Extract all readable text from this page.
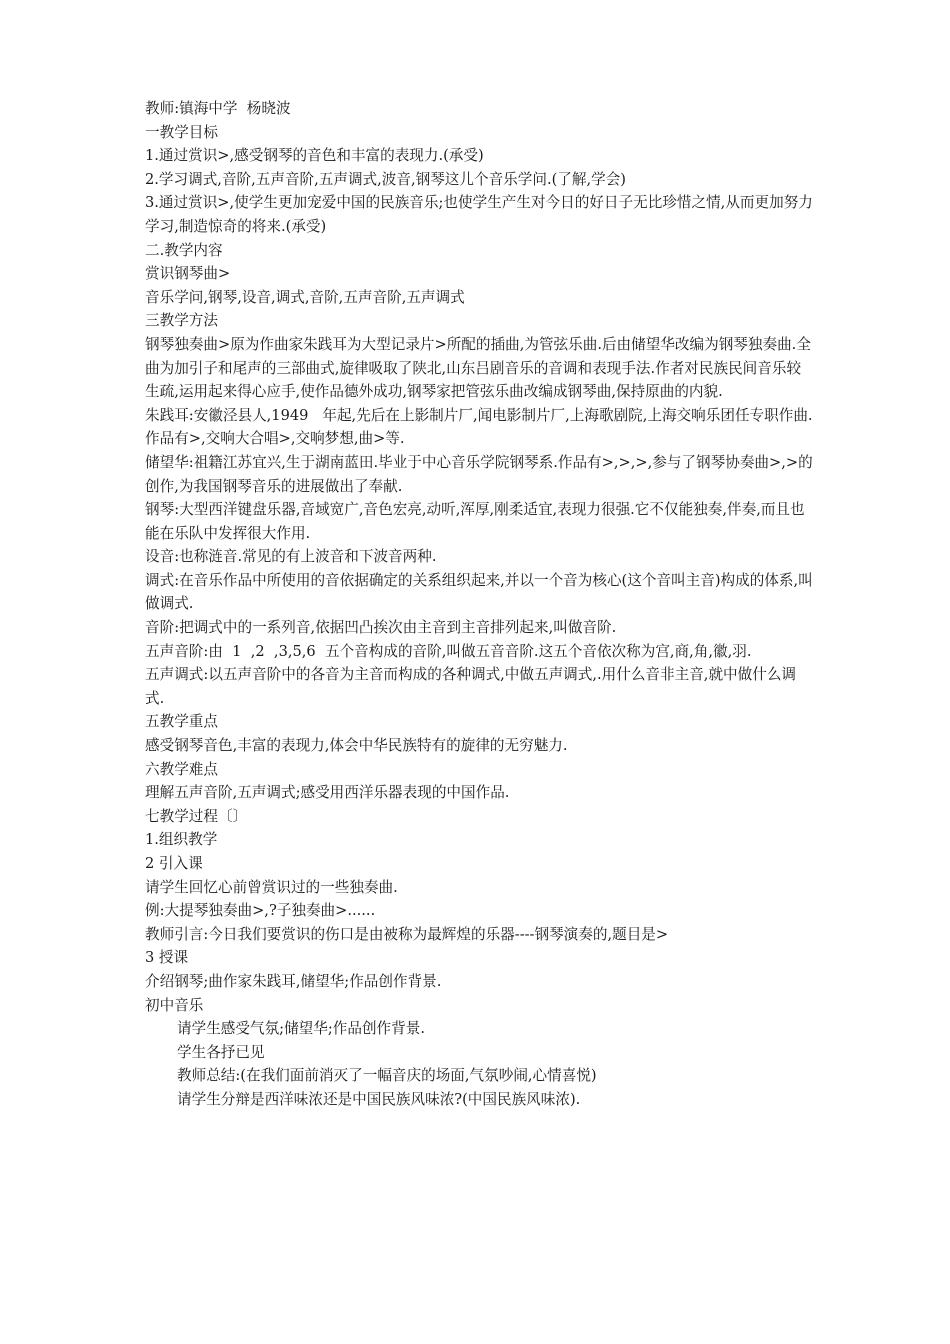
教师:镇海中学  杨晓波
一教学目标
1.通过赏识>,感受钢琴的音色和丰富的表现力.(承受)
2.学习调式,音阶,五声音阶,五声调式,波音,钢琴这儿个音乐学问.(了解,学会)
3.通过赏识>,使学生更加宠爱中国的民族音乐;也使学生产生对今日的好日子无比珍惜之情,从而更加努力学习,制造惊奇的将来.(承受)
二.教学内容
赏识钢琴曲>
音乐学问,钢琴,设音,调式,音阶,五声音阶,五声调式
三教学方法
钢琴独奏曲>原为作曲家朱践耳为大型记录片>所配的插曲,为管弦乐曲.后由储望华改编为钢琴独奏曲.全曲为加引子和尾声的三部曲式,旋律吸取了陕北,山东吕剧音乐的音调和表现手法.作者对民族民间音乐较生疏,运用起来得心应手,使作品德外成功,钢琴家把管弦乐曲改编成钢琴曲,保持原曲的内貌.
朱践耳:安徽泾县人,1949   年起,先后在上影制片厂,闻电影制片厂,上海歌剧院,上海交响乐团任专职作曲.作品有>,交响大合唱>,交响梦想,曲>等.
储望华:祖籍江苏宜兴,生于湖南蓝田.毕业于中心音乐学院钢琴系.作品有>,>,>,参与了钢琴协奏曲>,>的创作,为我国钢琴音乐的进展做出了奉献.
钢琴:大型西洋键盘乐器,音域宽广,音色宏亮,动听,浑厚,刚柔适宜,表现力很强.它不仅能独奏,伴奏,而且也能在乐队中发挥很大作用.
设音:也称涟音.常见的有上波音和下波音两种.
调式:在音乐作品中所使用的音依据确定的关系组织起来,并以一个音为核心(这个音叫主音)构成的体系,叫做调式.
音阶:把调式中的一系列音,依据凹凸挨次由主音到主音排列起来,叫做音阶.
五声音阶:由  1  ,2  ,3,5,6  五个音构成的音阶,叫做五音音阶.这五个音依次称为宫,商,角,徽,羽.
五声调式:以五声音阶中的各音为主音而构成的各种调式,中做五声调式,.用什么音非主音,就中做什么调式.
五教学重点
感受钢琴音色,丰富的表现力,体会中华民族特有的旋律的无穷魅力.
六教学难点
理解五声音阶,五声调式;感受用西洋乐器表现的中国作品.
七教学过程〔〕
1.组织教学
2 引入课
请学生回忆心前曾赏识过的一些独奏曲.
例:大提琴独奏曲>,?子独奏曲>......
教师引言:今日我们要赏识的伤口是由被称为最辉煌的乐器----钢琴演奏的,题目是>
3 授课
介绍钢琴;曲作家朱践耳,储望华;作品创作背景.
初中音乐
请学生感受气氛;储望华;作品创作背景.
学生各抒已见
教师总结:(在我们面前消灭了一幅音庆的场面,气氛吵闹,心情喜悦)
请学生分辩是西洋味浓还是中国民族风味浓?(中国民族风味浓).
